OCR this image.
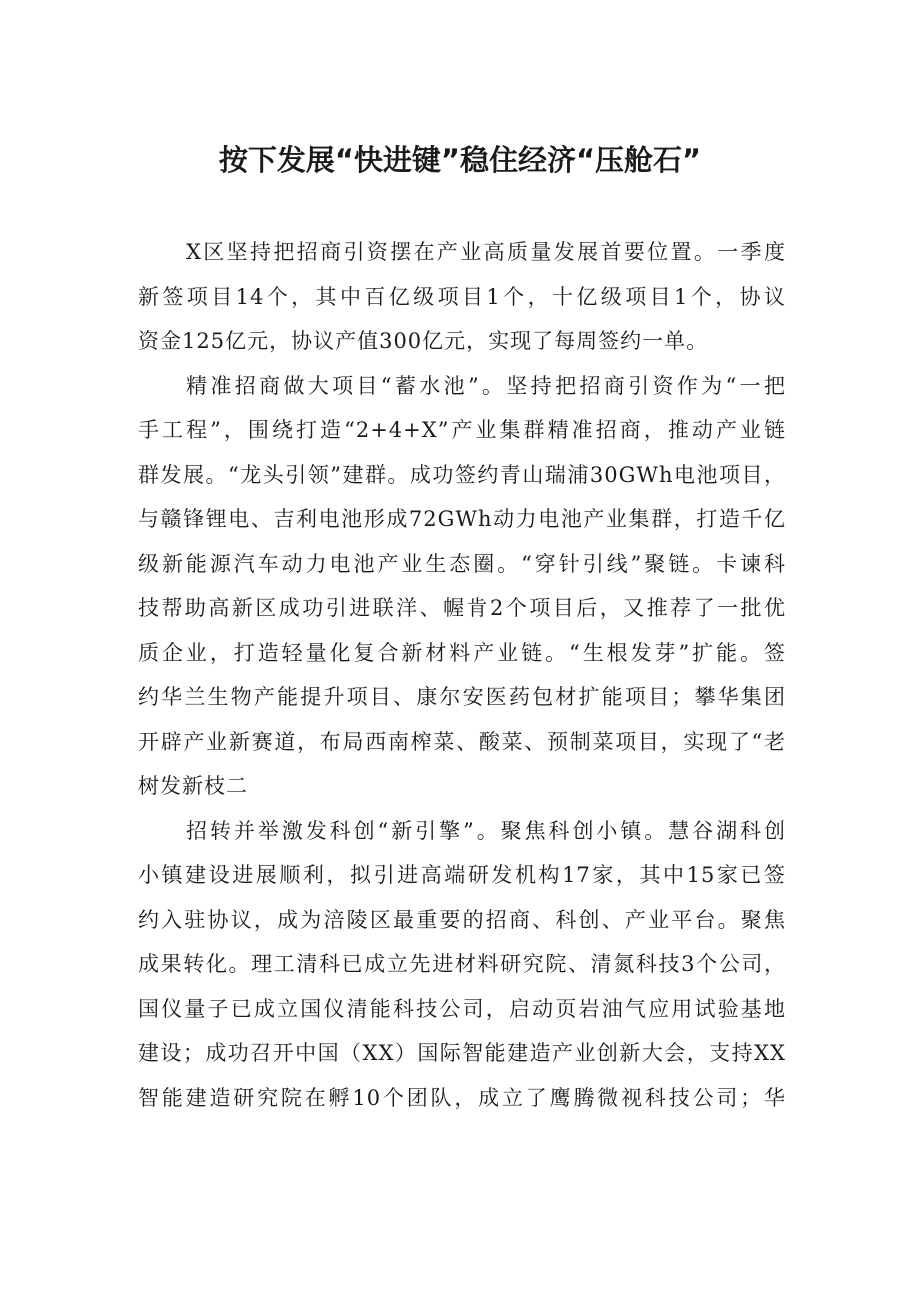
按下发展“快进键”稳住经济“压舱石”
X区坚持把招商引资摆在产业高质量发展首要位置。一季度
新签项目14个，其中百亿级项目1个，十亿级项目1个，协议
资金125亿元，协议产值300亿元，实现了每周签约一单。
精准招商做大项目“蓄水池”。坚持把招商引资作为“一把
手工程”，围绕打造“2+4+X”产业集群精准招商，推动产业链
群发展。“龙头引领”建群。成功签约青山瑞浦30GWh电池项目，
与赣锋锂电、吉利电池形成72GWh动力电池产业集群，打造千亿
级新能源汽车动力电池产业生态圈。“穿针引线”聚链。卡谏科
技帮助高新区成功引进联洋、幄肯2个项目后，又推荐了一批优
质企业，打造轻量化复合新材料产业链。“生根发芽”扩能。签
约华兰生物产能提升项目、康尔安医药包材扩能项目；攀华集团
开辟产业新赛道，布局西南榨菜、酸菜、预制菜项目，实现了“老
树发新枝二
招转并举激发科创“新引擎”。聚焦科创小镇。慧谷湖科创
小镇建设进展顺利，拟引进高端研发机构17家，其中15家已签
约入驻协议，成为涪陵区最重要的招商、科创、产业平台。聚焦
成果转化。理工清科已成立先进材料研究院、清氮科技3个公司，
国仪量子已成立国仪清能科技公司，启动页岩油气应用试验基地
建设；成功召开中国（XX）国际智能建造产业创新大会，支持XX
智能建造研究院在孵10个团队，成立了鹰腾微视科技公司；华
